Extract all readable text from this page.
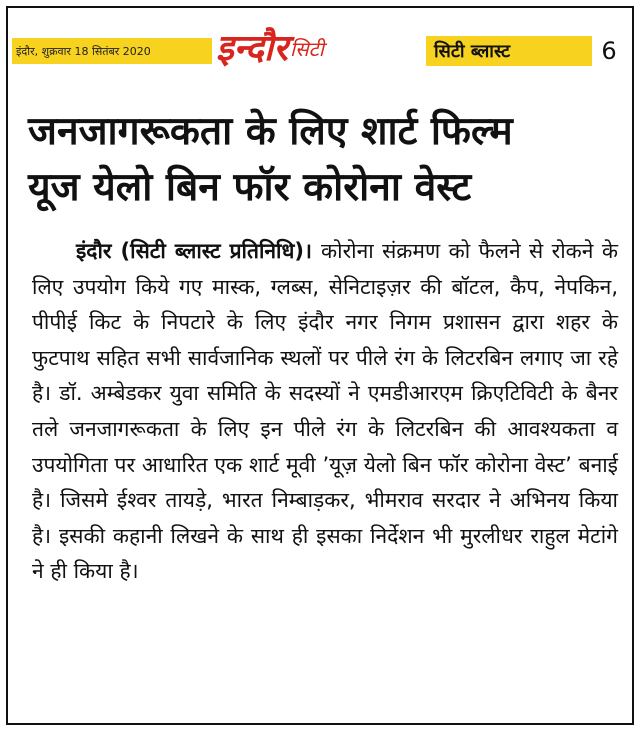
इंदौर, शुक्रवार 18 सितंबर 2020 इन्दौर सिटी	सिटी ब्लास्ट	6
जनजागरूकता के लिए शार्ट फिल्म
यूज येलो बिन फॉर कोरोना वेस्ट
इंदौर (सिटी ब्लास्ट प्रतिनिधि)। कोरोना संक्रमण को फैलने से रोकने के लिए उपयोग किये गए मास्क, ग्लब्स, सेनिटाइज़र की बॉटल, कैप, नेपकिन, पीपीई किट के निपटारे के लिए इंदौर नगर निगम प्रशासन द्वारा शहर के फुटपाथ सहित सभी सार्वजानिक स्थलों पर पीले रंग के लिटरबिन लगाए जा रहे है। डॉ. अम्बेडकर युवा समिति के सदस्यों ने एमडीआरएम क्रिएटिविटी के बैनर तले जनजागरूकता के लिए इन पीले रंग के लिटरबिन की आवश्यकता व उपयोगिता पर आधारित एक शार्ट मूवी ’यूज़ येलो बिन फॉर कोरोना वेस्ट’ बनाई है। जिसमे ईश्वर तायड़े, भारत निम्बाड़कर, भीमराव सरदार ने अभिनय किया है। इसकी कहानी लिखने के साथ ही इसका निर्देशन भी मुरलीधर राहुल मेटांगे ने ही किया है।
